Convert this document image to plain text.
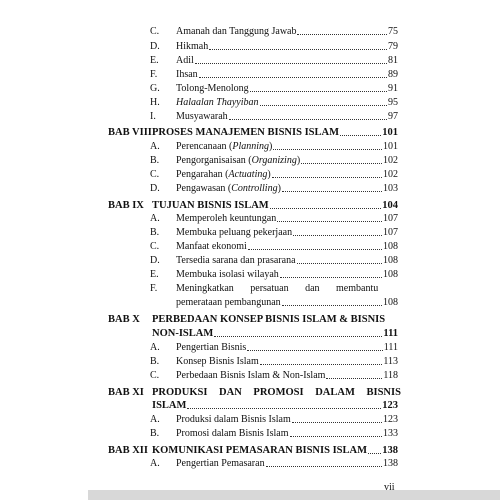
C.	Amanah dan Tanggung Jawab	75
D.	Hikmah	79
E.	Adil	81
F.	Ihsan	89
G.	Tolong-Menolong	91
H.	Halaalan Thayyiban	95
I.	Musyawarah	97
BAB VIII PROSES MANAJEMEN BISNIS ISLAM	101
A.	Perencanaan (Planning)	101
B.	Pengorganisaisan (Organizing)	102
C.	Pengarahan (Actuating)	102
D.	Pengawasan (Controlling)	103
BAB IX TUJUAN BISNIS ISLAM	104
A.	Memperoleh keuntungan	107
B.	Membuka peluang pekerjaan	107
C.	Manfaat ekonomi	108
D.	Tersedia sarana dan prasarana	108
E.	Membuka isolasi wilayah	108
F.	Meningkatkan persatuan dan membantu
pemerataan pembangunan	108
BAB X	PERBEDAAN KONSEP BISNIS ISLAM & BISNIS
NON-ISLAM	111
A.	Pengertian Bisnis	111
B.	Konsep Bisnis Islam	113
C.	Perbedaan Bisnis Islam & Non-Islam	118
BAB XI PRODUKSI DAN PROMOSI DALAM BISNIS
ISLAM	123
A.	Produksi dalam Bisnis Islam	123
B.	Promosi dalam Bisnis Islam	133
BAB XII KOMUNIKASI PEMASARAN BISNIS ISLAM 138
A.	Pengertian Pemasaran	138
vii
